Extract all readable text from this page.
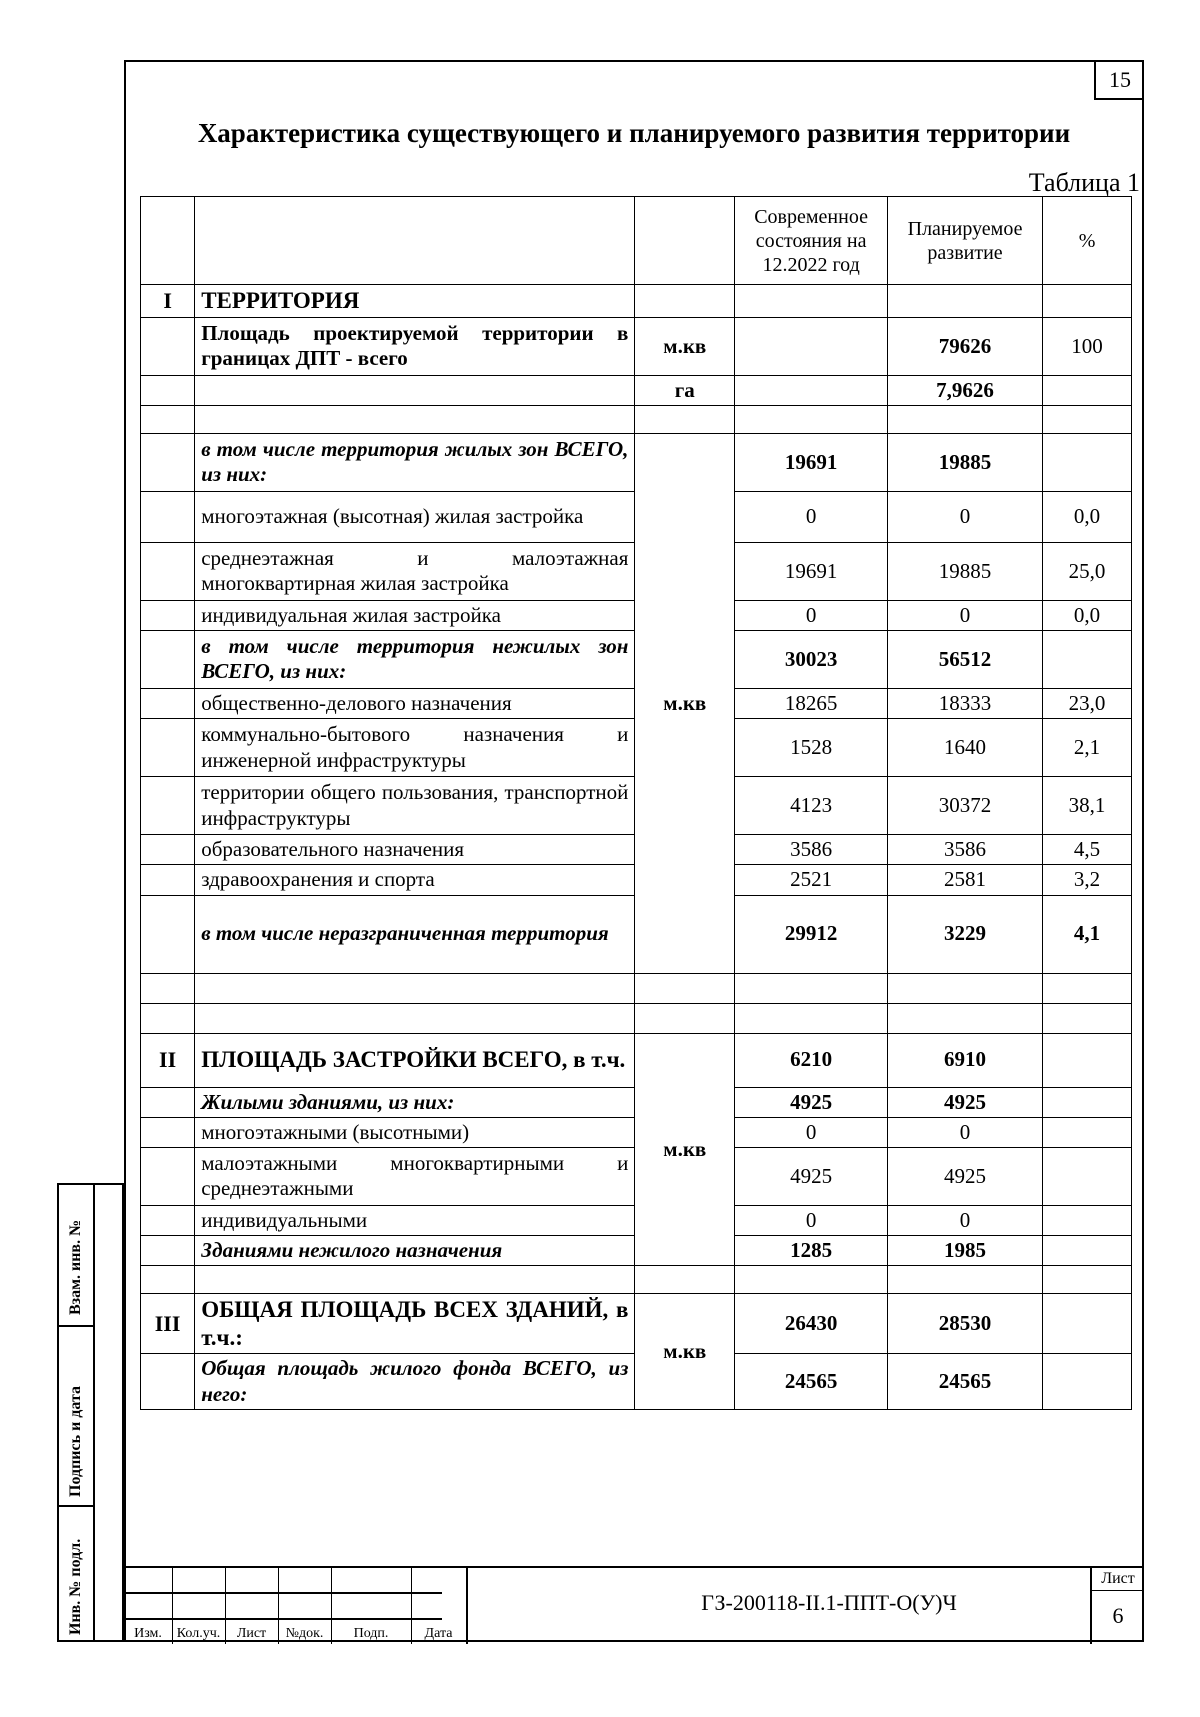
15
Характеристика существующего и планируемого развития территории
Таблица 1
			Современное состояния на 12.2022 год	Планируемое развитие	%
I	ТЕРРИТОРИЯ				
	Площадь проектируемой территории в границах ДПТ - всего	м.кв		79626	100
		га		7,9626	

	в том числе территория жилых зон ВСЕГО, из них:	м.кв	19691	19885	
	многоэтажная (высотная) жилая застройка		0	0	0,0
	среднеэтажная и малоэтажная многоквартирная жилая застройка		19691	19885	25,0
	индивидуальная жилая застройка		0	0	0,0
	в том числе территория нежилых зон ВСЕГО, из них:		30023	56512	
	общественно-делового назначения		18265	18333	23,0
	коммунально-бытового назначения и инженерной инфраструктуры		1528	1640	2,1
	территории общего пользования, транспортной инфраструктуры		4123	30372	38,1
	образовательного назначения		3586	3586	4,5
	здравоохранения и спорта		2521	2581	3,2
	в том числе неразграниченная территория		29912	3229	4,1

II	ПЛОЩАДЬ ЗАСТРОЙКИ ВСЕГО, в т.ч.	м.кв	6210	6910	
	Жилыми зданиями, из них:		4925	4925	
	многоэтажными (высотными)		0	0	
	малоэтажными многоквартирными и среднеэтажными		4925	4925	
	индивидуальными		0	0	
	Зданиями нежилого назначения		1285	1985	

III	ОБЩАЯ ПЛОЩАДЬ ВСЕХ ЗДАНИЙ, в т.ч.:	м.кв	26430	28530	
	Общая площадь жилого фонда ВСЕГО, из него:		24565	24565	
Взам. инв. №
Подпись и дата
Инв. № подл.	Изм.	Кол.уч.	Лист	№док.	Подп.	Дата
ГЗ-200118-II.1-ППТ-О(У)Ч
Лист
6
